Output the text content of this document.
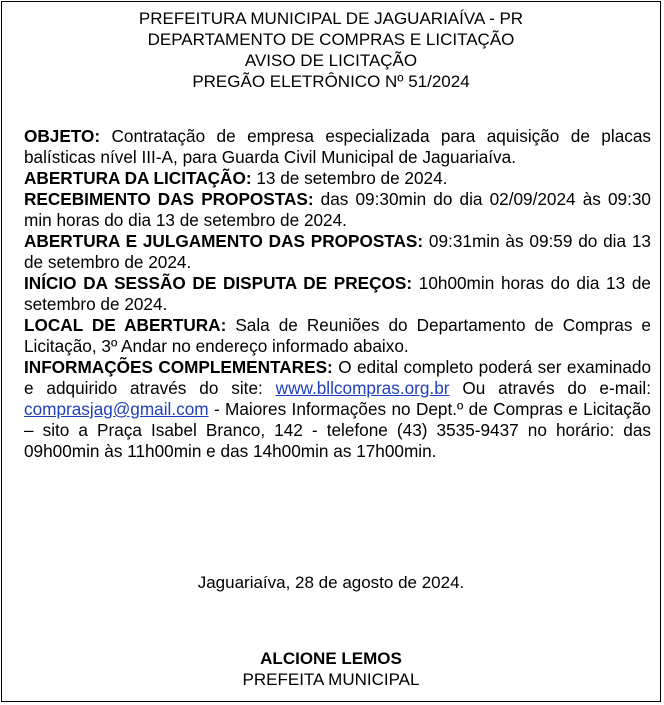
PREFEITURA MUNICIPAL DE JAGUARIAÍVA - PR
DEPARTAMENTO DE COMPRAS E LICITAÇÃO
AVISO DE LICITAÇÃO
PREGÃO ELETRÔNICO Nº 51/2024

OBJETO: Contratação de empresa especializada para aquisição de placas balísticas nível III-A, para Guarda Civil Municipal de Jaguariaíva.

ABERTURA DA LICITAÇÃO: 13 de setembro de 2024.

RECEBIMENTO DAS PROPOSTAS: das 09:30min do dia 02/09/2024 às 09:30 min horas do dia 13 de setembro de 2024.

ABERTURA E JULGAMENTO DAS PROPOSTAS: 09:31min às 09:59 do dia 13 de setembro de 2024.

INÍCIO DA SESSÃO DE DISPUTA DE PREÇOS: 10h00min horas do dia 13 de setembro de 2024.

LOCAL DE ABERTURA: Sala de Reuniões do Departamento de Compras e Licitação, 3º Andar no endereço informado abaixo.

INFORMAÇÕES COMPLEMENTARES: O edital completo poderá ser examinado e adquirido através do site: www.bllcompras.org.br Ou através do e-mail: comprasjag@gmail.com - Maiores Informações no Dept.º de Compras e Licitação – sito a Praça Isabel Branco, 142 - telefone (43) 3535-9437 no horário: das 09h00min às 11h00min e das 14h00min as 17h00min.

Jaguariaíva, 28 de agosto de 2024.
ALCIONE LEMOS
PREFEITA MUNICIPAL
